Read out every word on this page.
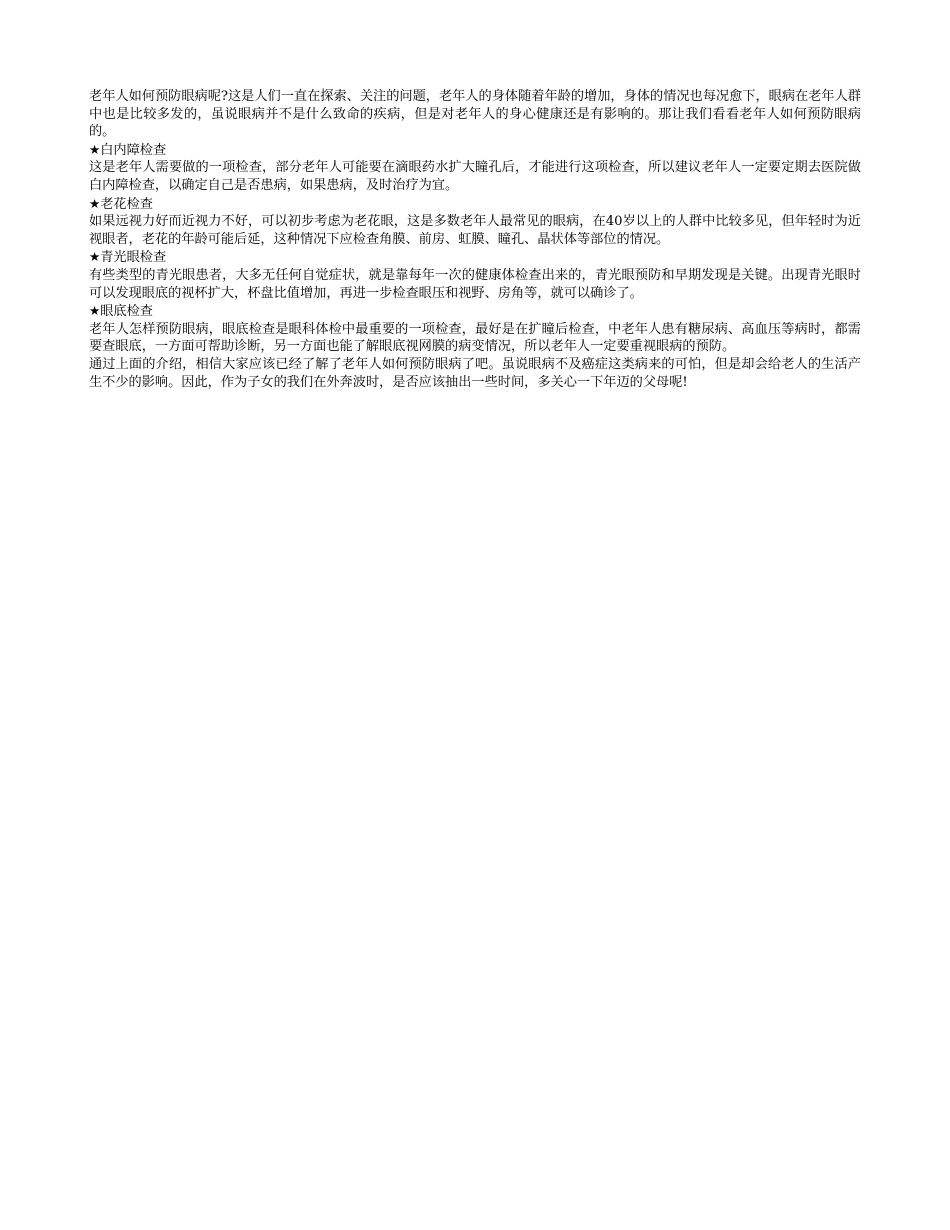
老年人如何预防眼病呢?这是人们一直在探索、关注的问题，老年人的身体随着年龄的增加，身体的情况也每况愈下，眼病在老年人群中也是比较多发的，虽说眼病并不是什么致命的疾病，但是对老年人的身心健康还是有影响的。那让我们看看老年人如何预防眼病的。

★白内障检查

这是老年人需要做的一项检查，部分老年人可能要在滴眼药水扩大瞳孔后，才能进行这项检查，所以建议老年人一定要定期去医院做白内障检查，以确定自己是否患病，如果患病，及时治疗为宜。

★老花检查

如果远视力好而近视力不好，可以初步考虑为老花眼，这是多数老年人最常见的眼病，在40岁以上的人群中比较多见，但年轻时为近视眼者，老花的年龄可能后延，这种情况下应检查角膜、前房、虹膜、瞳孔、晶状体等部位的情况。

★青光眼检查

有些类型的青光眼患者，大多无任何自觉症状，就是靠每年一次的健康体检查出来的，青光眼预防和早期发现是关键。出现青光眼时可以发现眼底的视杯扩大，杯盘比值增加，再进一步检查眼压和视野、房角等，就可以确诊了。

★眼底检查

老年人怎样预防眼病，眼底检查是眼科体检中最重要的一项检查，最好是在扩瞳后检查，中老年人患有糖尿病、高血压等病时，都需要查眼底，一方面可帮助诊断，另一方面也能了解眼底视网膜的病变情况，所以老年人一定要重视眼病的预防。

通过上面的介绍，相信大家应该已经了解了老年人如何预防眼病了吧。虽说眼病不及癌症这类病来的可怕，但是却会给老人的生活产生不少的影响。因此，作为子女的我们在外奔波时，是否应该抽出一些时间，多关心一下年迈的父母呢!
